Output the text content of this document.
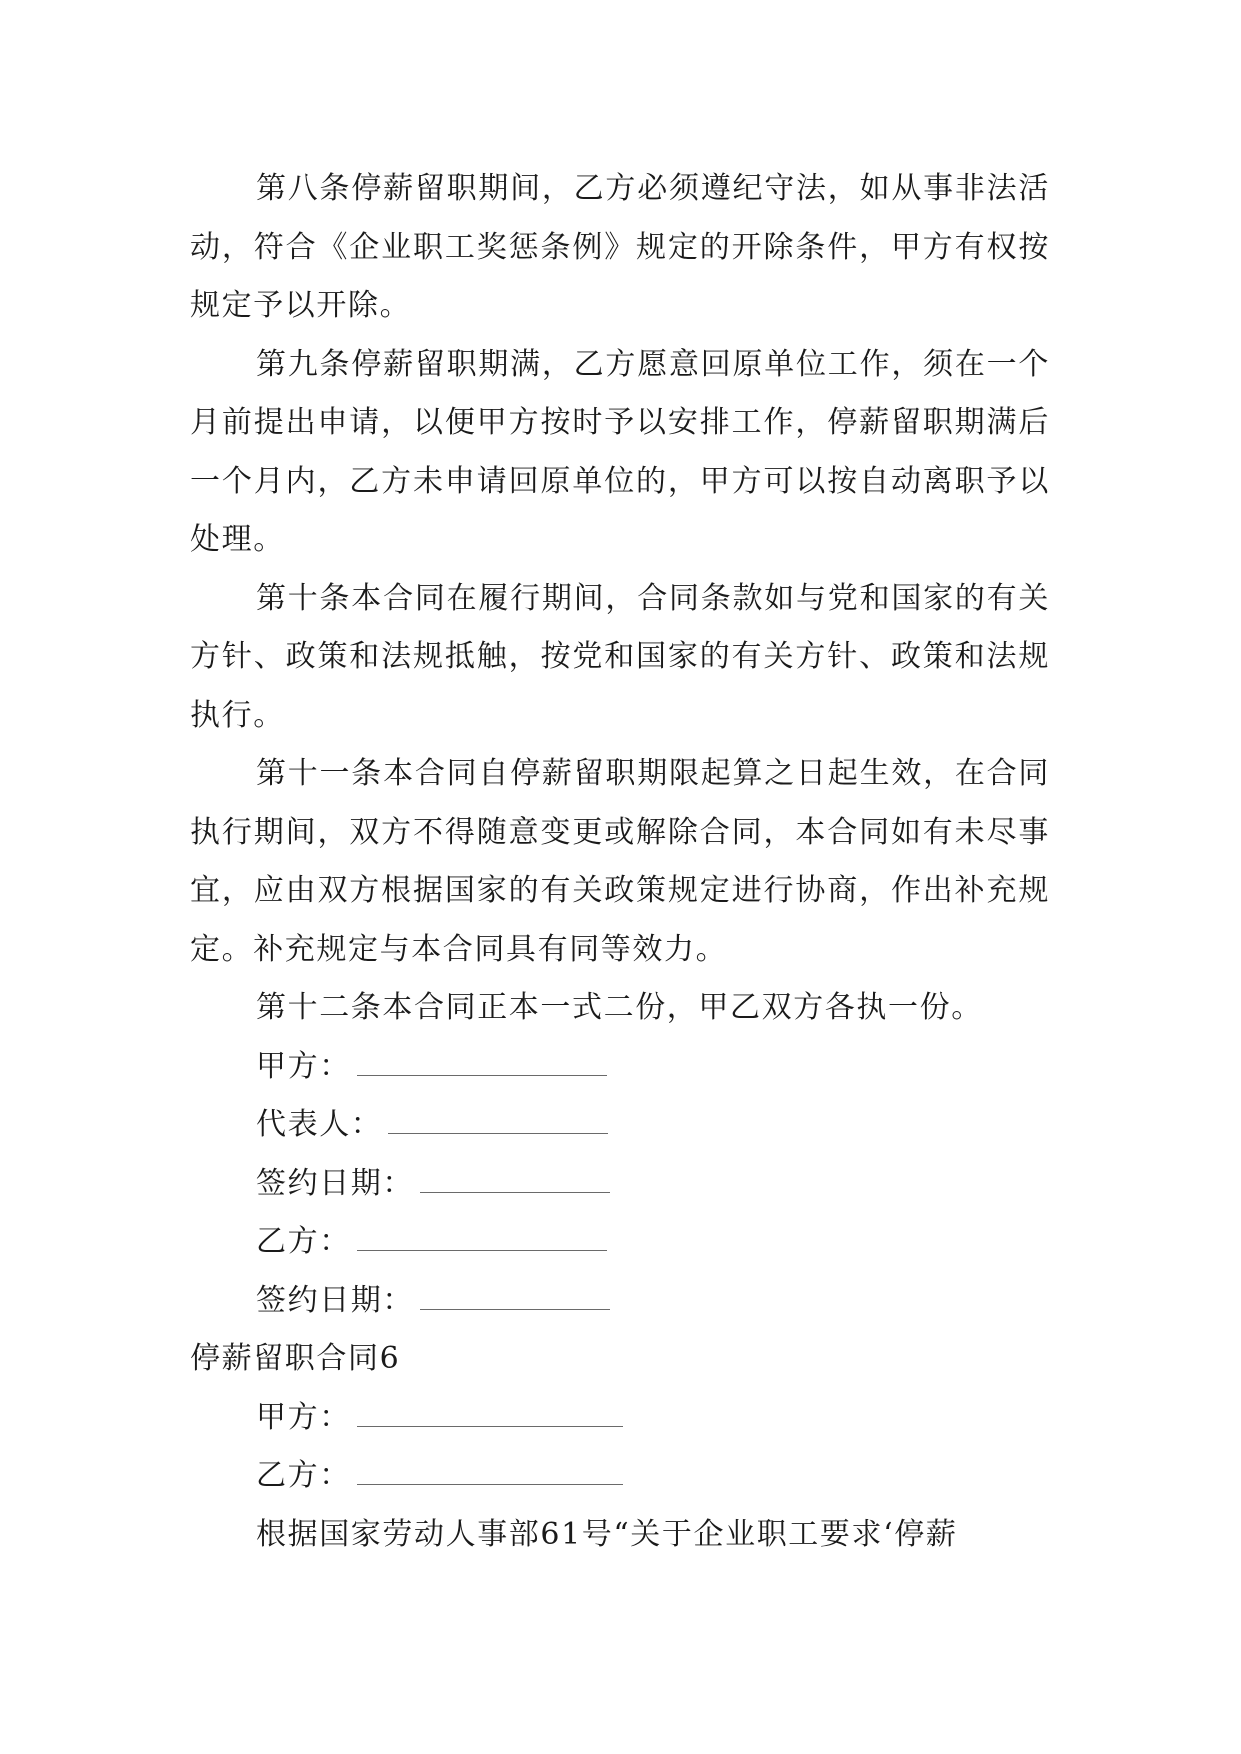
第八条停薪留职期间，乙方必须遵纪守法，如从事非法活动，符合《企业职工奖惩条例》规定的开除条件，甲方有权按规定予以开除。

第九条停薪留职期满，乙方愿意回原单位工作，须在一个月前提出申请，以便甲方按时予以安排工作，停薪留职期满后一个月内，乙方未申请回原单位的，甲方可以按自动离职予以处理。

第十条本合同在履行期间，合同条款如与党和国家的有关方针、政策和法规抵触，按党和国家的有关方针、政策和法规执行。

第十一条本合同自停薪留职期限起算之日起生效，在合同执行期间，双方不得随意变更或解除合同，本合同如有未尽事宜，应由双方根据国家的有关政策规定进行协商，作出补充规定。补充规定与本合同具有同等效力。

第十二条本合同正本一式二份，甲乙双方各执一份。

甲方：
代表人：
签约日期：
乙方：
签约日期：
停薪留职合同6
甲方：
乙方：
根据国家劳动人事部61号“关于企业职工要求‘停薪
